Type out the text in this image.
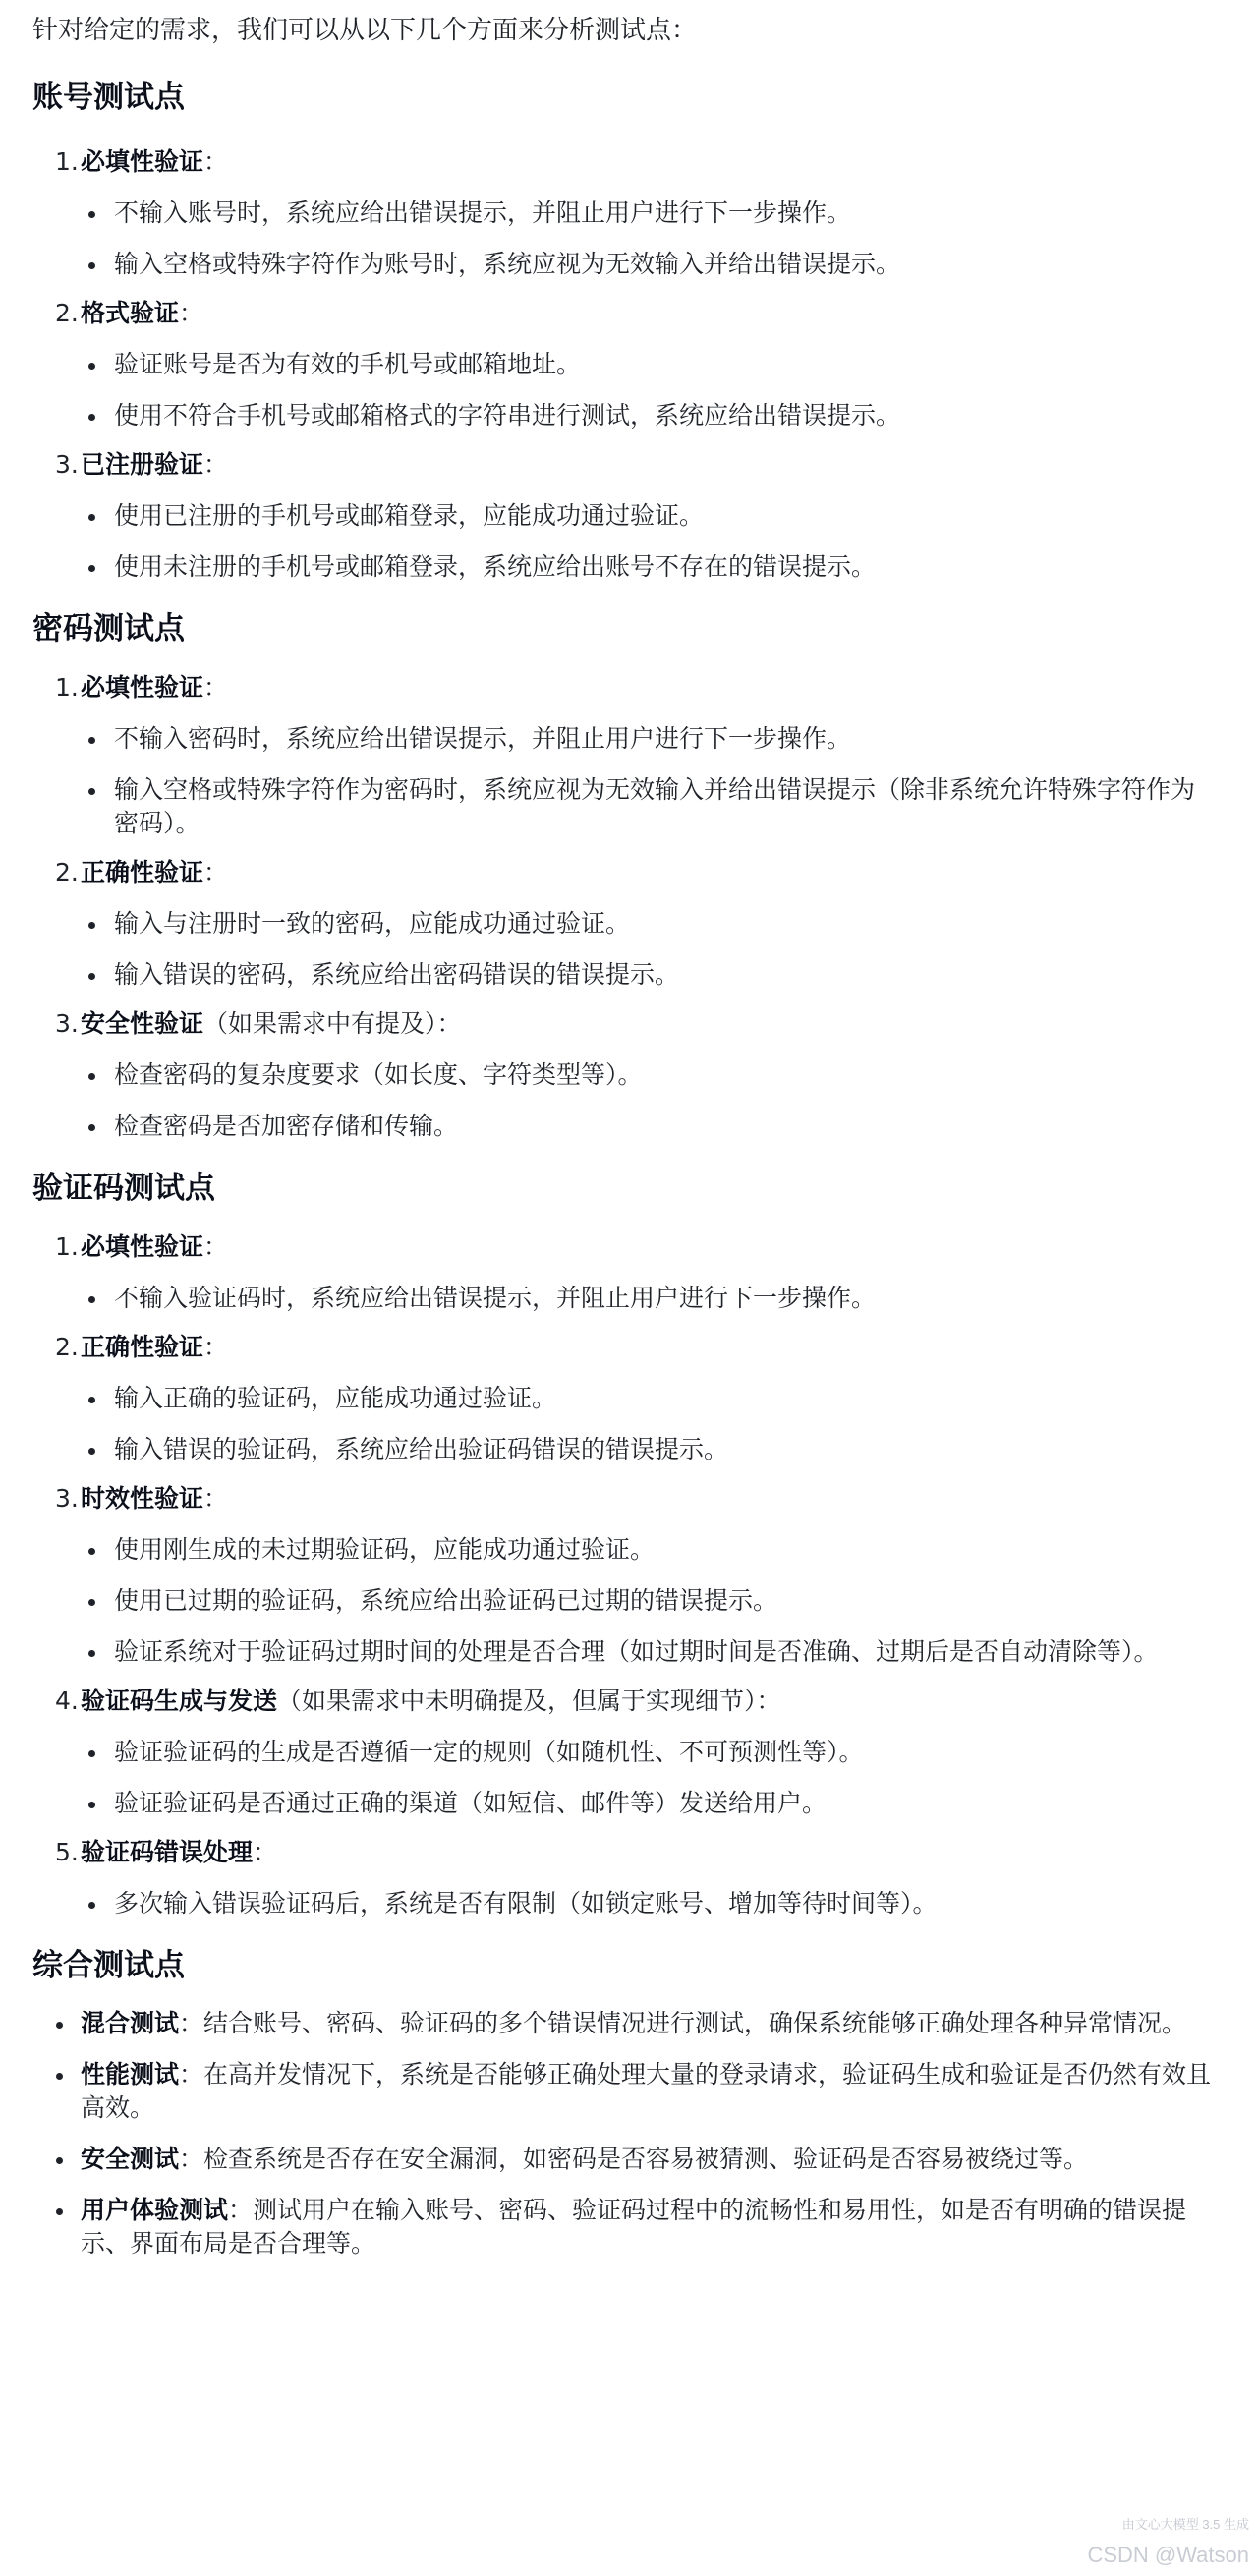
针对给定的需求，我们可以从以下几个方面来分析测试点：

账号测试点

1.必填性验证：

不输入账号时，系统应给出错误提示，并阻止用户进行下一步操作。
输入空格或特殊字符作为账号时，系统应视为无效输入并给出错误提示。

2.格式验证：

验证账号是否为有效的手机号或邮箱地址。
使用不符合手机号或邮箱格式的字符串进行测试，系统应给出错误提示。

3.已注册验证：

使用已注册的手机号或邮箱登录，应能成功通过验证。
使用未注册的手机号或邮箱登录，系统应给出账号不存在的错误提示。
密码测试点

1.必填性验证：

不输入密码时，系统应给出错误提示，并阻止用户进行下一步操作。
输入空格或特殊字符作为密码时，系统应视为无效输入并给出错误提示（除非系统允许特殊字符作为密码）。

2.正确性验证：

输入与注册时一致的密码，应能成功通过验证。
输入错误的密码，系统应给出密码错误的错误提示。

3.安全性验证（如果需求中有提及）：

检查密码的复杂度要求（如长度、字符类型等）。
检查密码是否加密存储和传输。
验证码测试点

1.必填性验证：

不输入验证码时，系统应给出错误提示，并阻止用户进行下一步操作。

2.正确性验证：

输入正确的验证码，应能成功通过验证。
输入错误的验证码，系统应给出验证码错误的错误提示。

3.时效性验证：

使用刚生成的未过期验证码，应能成功通过验证。
使用已过期的验证码，系统应给出验证码已过期的错误提示。
验证系统对于验证码过期时间的处理是否合理（如过期时间是否准确、过期后是否自动清除等）。

4.验证码生成与发送（如果需求中未明确提及，但属于实现细节）：

验证验证码的生成是否遵循一定的规则（如随机性、不可预测性等）。
验证验证码是否通过正确的渠道（如短信、邮件等）发送给用户。

5.验证码错误处理：

多次输入错误验证码后，系统是否有限制（如锁定账号、增加等待时间等）。
综合测试点
混合测试：结合账号、密码、验证码的多个错误情况进行测试，确保系统能够正确处理各种异常情况。
性能测试：在高并发情况下，系统是否能够正确处理大量的登录请求，验证码生成和验证是否仍然有效且高效。
安全测试：检查系统是否存在安全漏洞，如密码是否容易被猜测、验证码是否容易被绕过等。
用户体验测试：测试用户在输入账号、密码、验证码过程中的流畅性和易用性，如是否有明确的错误提示、界面布局是否合理等。
由文心大模型 3.5 生成
CSDN @Watson
